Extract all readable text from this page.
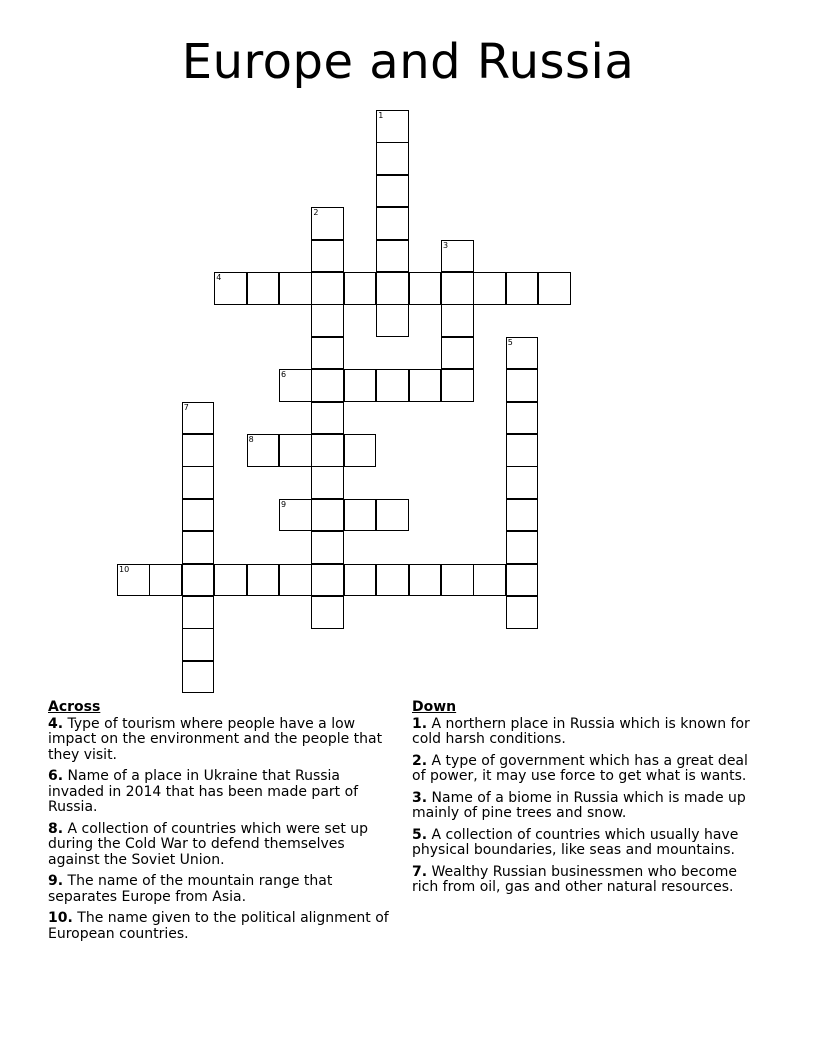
Europe and Russia
1
2
3
4
5
6
7
8
9
10
Across
4. Type of tourism where people have a low impact on the environment and the people that they visit.
6. Name of a place in Ukraine that Russia invaded in 2014 that has been made part of Russia.
8. A collection of countries which were set up during the Cold War to defend themselves against the Soviet Union.
9. The name of the mountain range that separates Europe from Asia.
10. The name given to the political alignment of European countries.
Down
1. A northern place in Russia which is known for cold harsh conditions.
2. A type of government which has a great deal of power, it may use force to get what is wants.
3. Name of a biome in Russia which is made up mainly of pine trees and snow.
5. A collection of countries which usually have physical boundaries, like seas and mountains.
7. Wealthy Russian businessmen who become rich from oil, gas and other natural resources.
